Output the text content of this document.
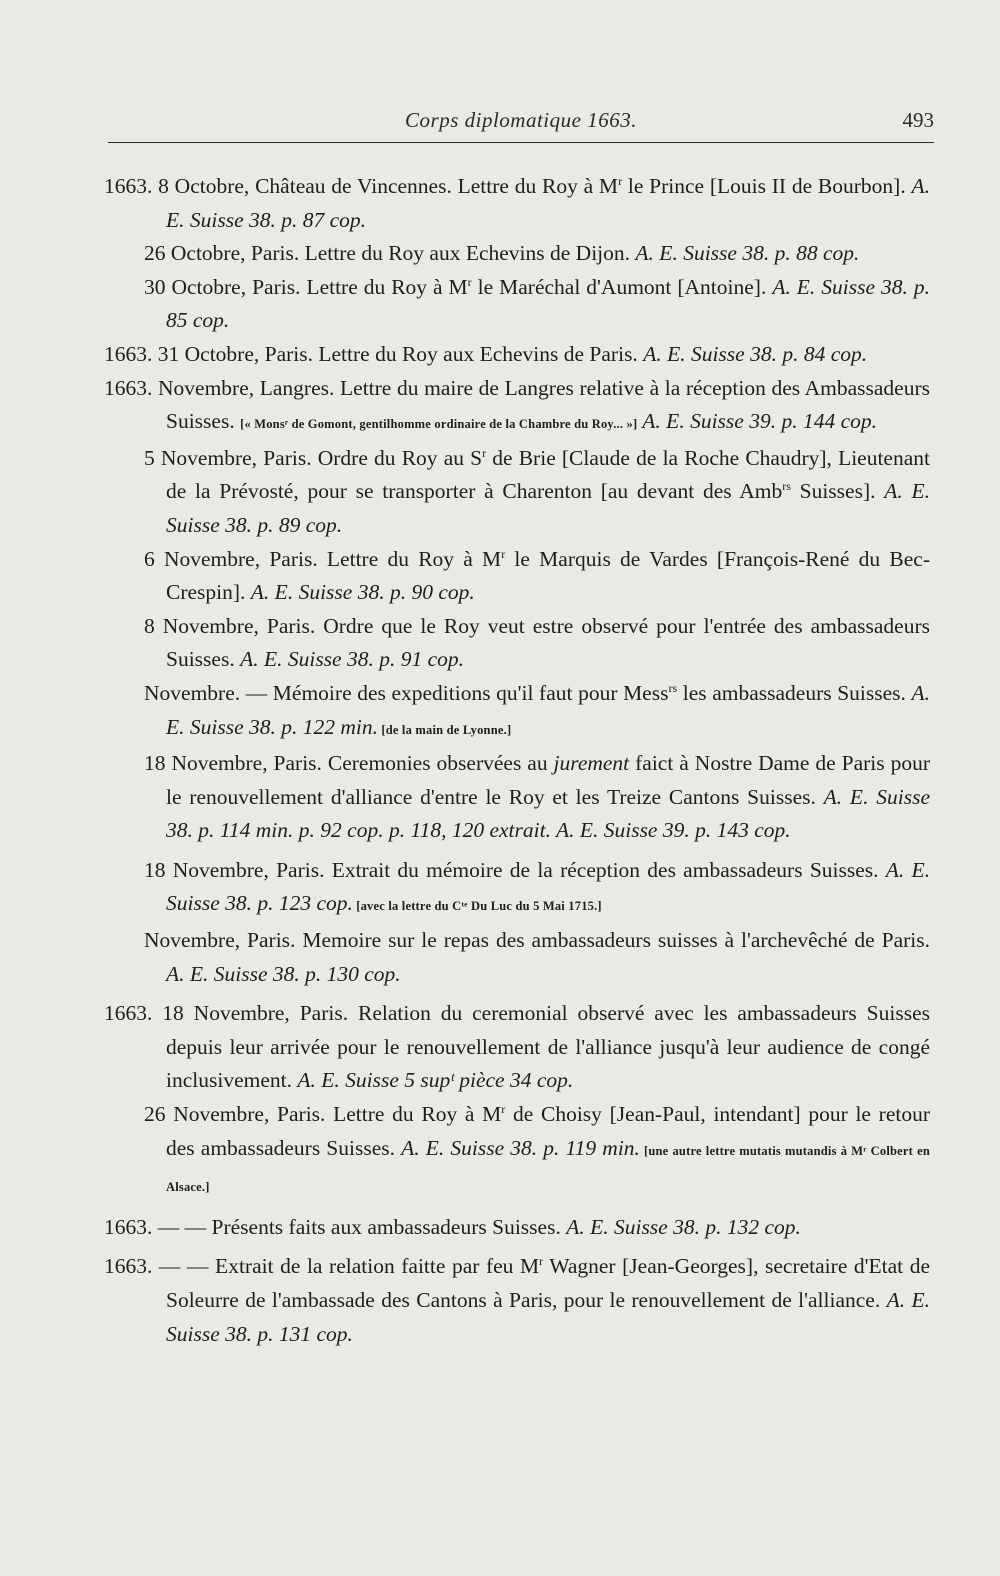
Corps diplomatique 1663.	493

1663. 8 Octobre, Château de Vincennes. Lettre du Roy à $M^r$ le Prince [Louis II de Bourbon]. A. E. Suisse 38. p. 87 cop.

26 Octobre, Paris. Lettre du Roy aux Echevins de Dijon. A. E. Suisse 38. p. 88 cop.

30 Octobre, Paris. Lettre du Roy à $M^r$ le Maréchal d'Aumont [Antoine]. A. E. Suisse 38. p. 85 cop.

1663. 31 Octobre, Paris. Lettre du Roy aux Echevins de Paris. A. E. Suisse 38. p. 84 cop.

1663. Novembre, Langres. Lettre du maire de Langres relative à la réception des Ambassadeurs Suisses. [« Monsʳ de Gomont, gentilhomme ordinaire de la Chambre du Roy... »] A. E. Suisse 39. p. 144 cop.

5 Novembre, Paris. Ordre du Roy au $S^r$ de Brie [Claude de la Roche Chaudry], Lieutenant de la Prévosté, pour se transporter à Charenton [au devant des Amb$^{rs}$ Suisses]. A. E. Suisse 38. p. 89 cop.

6 Novembre, Paris. Lettre du Roy à $M^r$ le Marquis de Vardes [François-René du Bec-Crespin]. A. E. Suisse 38. p. 90 cop.

8 Novembre, Paris. Ordre que le Roy veut estre observé pour l'entrée des ambassadeurs Suisses. A. E. Suisse 38. p. 91 cop.

Novembre. — Mémoire des expeditions qu'il faut pour Mess$^{rs}$ les ambassadeurs Suisses. A. E. Suisse 38. p. 122 min. [de la main de Lyonne.]

18 Novembre, Paris. Ceremonies observées au jurement faict à Nostre Dame de Paris pour le renouvellement d'alliance d'entre le Roy et les Treize Cantons Suisses. A. E. Suisse 38. p. 114 min. p. 92 cop. p. 118, 120 extrait. A. E. Suisse 39. p. 143 cop.

18 Novembre, Paris. Extrait du mémoire de la réception des ambassadeurs Suisses. A. E. Suisse 38. p. 123 cop. [avec la lettre du Cᵗᵉ Du Luc du 5 Mai 1715.]

Novembre, Paris. Memoire sur le repas des ambassadeurs suisses à l'archevêché de Paris. A. E. Suisse 38. p. 130 cop.

1663. 18 Novembre, Paris. Relation du ceremonial observé avec les ambassadeurs Suisses depuis leur arrivée pour le renouvellement de l'alliance jusqu'à leur audience de congé inclusivement. A. E. Suisse 5 supᵗ pièce 34 cop.

26 Novembre, Paris. Lettre du Roy à $M^r$ de Choisy [Jean-Paul, intendant] pour le retour des ambassadeurs Suisses. A. E. Suisse 38. p. 119 min. [une autre lettre mutatis mutandis à Mʳ Colbert en Alsace.]

1663. — — Présents faits aux ambassadeurs Suisses. A. E. Suisse 38. p. 132 cop.

1663. — — Extrait de la relation faitte par feu $M^r$ Wagner [Jean-Georges], secretaire d'Etat de Soleurre de l'ambassade des Cantons à Paris, pour le renouvellement de l'alliance. A. E. Suisse 38. p. 131 cop.
